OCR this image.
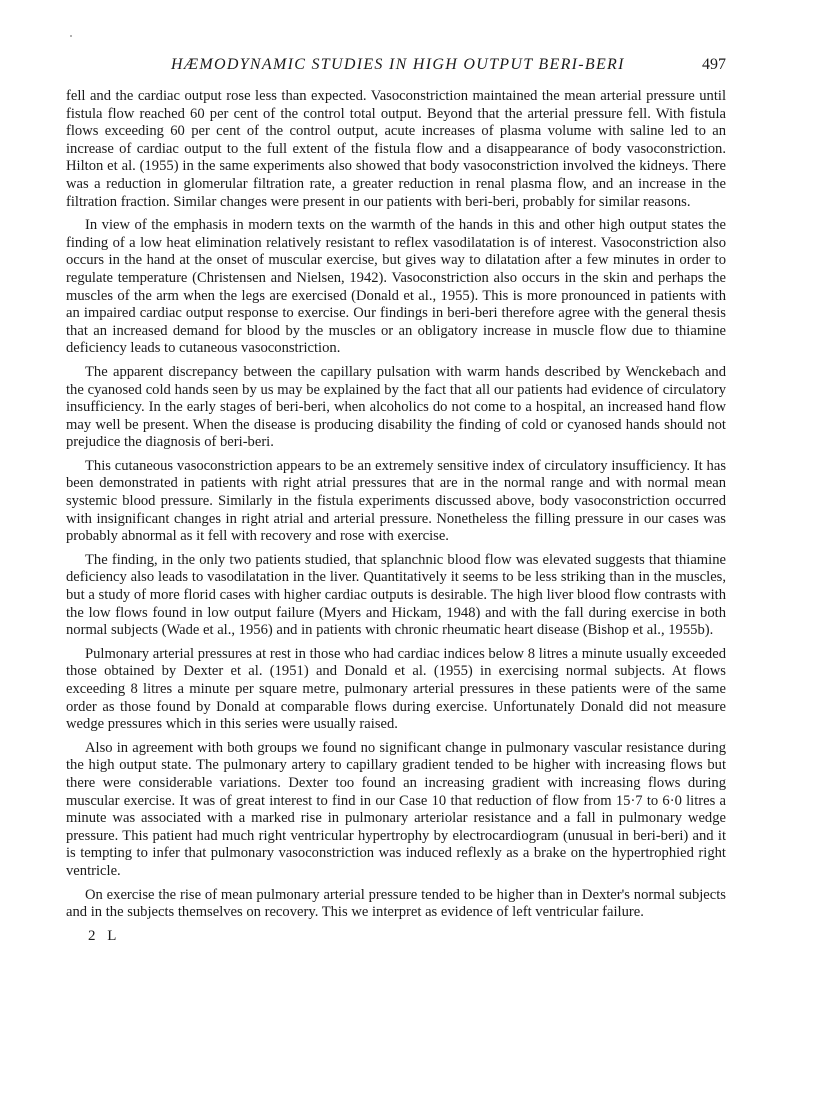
HÆMODYNAMIC STUDIES IN HIGH OUTPUT BERI-BERI	497

fell and the cardiac output rose less than expected. Vasoconstriction maintained the mean arterial pressure until fistula flow reached 60 per cent of the control total output. Beyond that the arterial pressure fell. With fistula flows exceeding 60 per cent of the control output, acute increases of plasma volume with saline led to an increase of cardiac output to the full extent of the fistula flow and a disappearance of body vasoconstriction. Hilton et al. (1955) in the same experiments also showed that body vasoconstriction involved the kidneys. There was a reduction in glomerular filtration rate, a greater reduction in renal plasma flow, and an increase in the filtration fraction. Similar changes were present in our patients with beri-beri, probably for similar reasons.

In view of the emphasis in modern texts on the warmth of the hands in this and other high output states the finding of a low heat elimination relatively resistant to reflex vasodilatation is of interest. Vasoconstriction also occurs in the hand at the onset of muscular exercise, but gives way to dilatation after a few minutes in order to regulate temperature (Christensen and Nielsen, 1942). Vasoconstriction also occurs in the skin and perhaps the muscles of the arm when the legs are exercised (Donald et al., 1955). This is more pronounced in patients with an impaired cardiac output response to exercise. Our findings in beri-beri therefore agree with the general thesis that an increased demand for blood by the muscles or an obligatory increase in muscle flow due to thiamine deficiency leads to cutaneous vasoconstriction.

The apparent discrepancy between the capillary pulsation with warm hands described by Wenckebach and the cyanosed cold hands seen by us may be explained by the fact that all our patients had evidence of circulatory insufficiency. In the early stages of beri-beri, when alcoholics do not come to a hospital, an increased hand flow may well be present. When the disease is producing disability the finding of cold or cyanosed hands should not prejudice the diagnosis of beri-beri.

This cutaneous vasoconstriction appears to be an extremely sensitive index of circulatory insufficiency. It has been demonstrated in patients with right atrial pressures that are in the normal range and with normal mean systemic blood pressure. Similarly in the fistula experiments discussed above, body vasoconstriction occurred with insignificant changes in right atrial and arterial pressure. Nonetheless the filling pressure in our cases was probably abnormal as it fell with recovery and rose with exercise.

The finding, in the only two patients studied, that splanchnic blood flow was elevated suggests that thiamine deficiency also leads to vasodilatation in the liver. Quantitatively it seems to be less striking than in the muscles, but a study of more florid cases with higher cardiac outputs is desirable. The high liver blood flow contrasts with the low flows found in low output failure (Myers and Hickam, 1948) and with the fall during exercise in both normal subjects (Wade et al., 1956) and in patients with chronic rheumatic heart disease (Bishop et al., 1955b).

Pulmonary arterial pressures at rest in those who had cardiac indices below 8 litres a minute usually exceeded those obtained by Dexter et al. (1951) and Donald et al. (1955) in exercising normal subjects. At flows exceeding 8 litres a minute per square metre, pulmonary arterial pressures in these patients were of the same order as those found by Donald at comparable flows during exercise. Unfortunately Donald did not measure wedge pressures which in this series were usually raised.

Also in agreement with both groups we found no significant change in pulmonary vascular resistance during the high output state. The pulmonary artery to capillary gradient tended to be higher with increasing flows but there were considerable variations. Dexter too found an increasing gradient with increasing flows during muscular exercise. It was of great interest to find in our Case 10 that reduction of flow from 15·7 to 6·0 litres a minute was associated with a marked rise in pulmonary arteriolar resistance and a fall in pulmonary wedge pressure. This patient had much right ventricular hypertrophy by electrocardiogram (unusual in beri-beri) and it is tempting to infer that pulmonary vasoconstriction was induced reflexly as a brake on the hypertrophied right ventricle.

On exercise the rise of mean pulmonary arterial pressure tended to be higher than in Dexter's normal subjects and in the subjects themselves on recovery. This we interpret as evidence of left ventricular failure.

2 L
